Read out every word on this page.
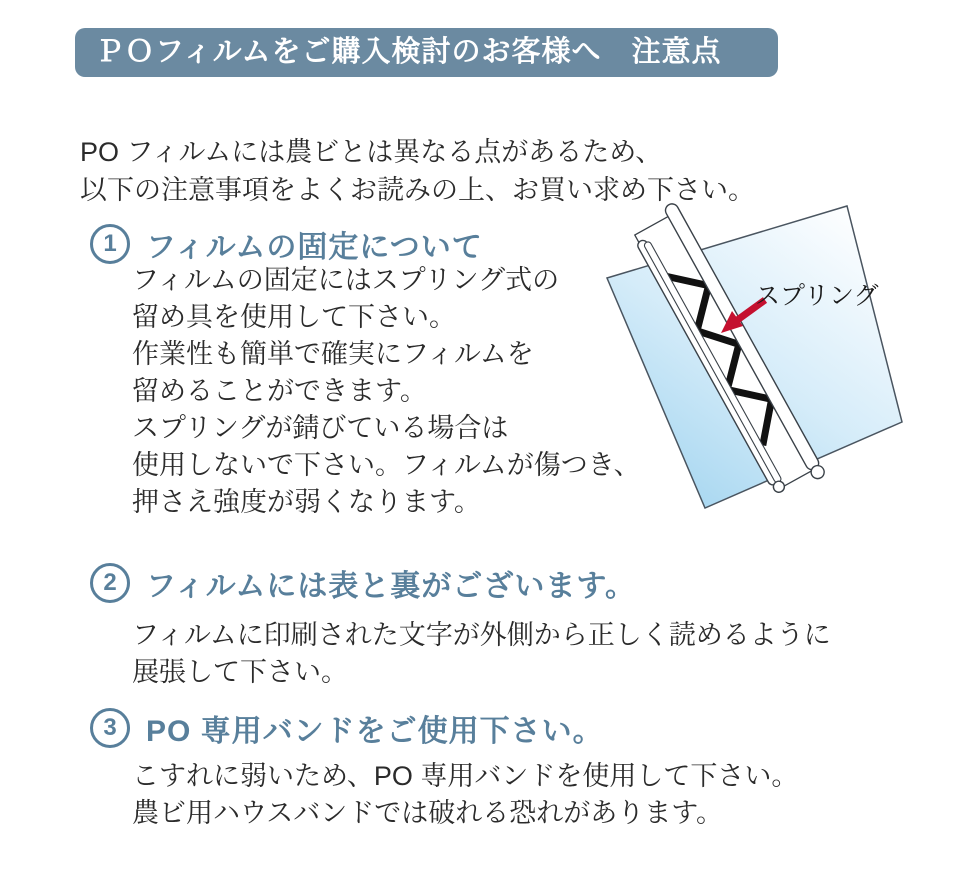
ＰＯフィルムをご購入検討のお客様へ　注意点

PO フィルムには農ビとは異なる点があるため、
以下の注意事項をよくお読みの上、お買い求め下さい。

1 フィルムの固定について
フィルムの固定にはスプリング式の
留め具を使用して下さい。
作業性も簡単で確実にフィルムを
留めることができます。
スプリングが錆びている場合は
使用しないで下さい。フィルムが傷つき、
押さえ強度が弱くなります。
スプリング
2 フィルムには表と裏がございます。
フィルムに印刷された文字が外側から正しく読めるように
展張して下さい。
3 PO 専用バンドをご使用下さい。
こすれに弱いため、PO 専用バンドを使用して下さい。
農ビ用ハウスバンドでは破れる恐れがあります。
